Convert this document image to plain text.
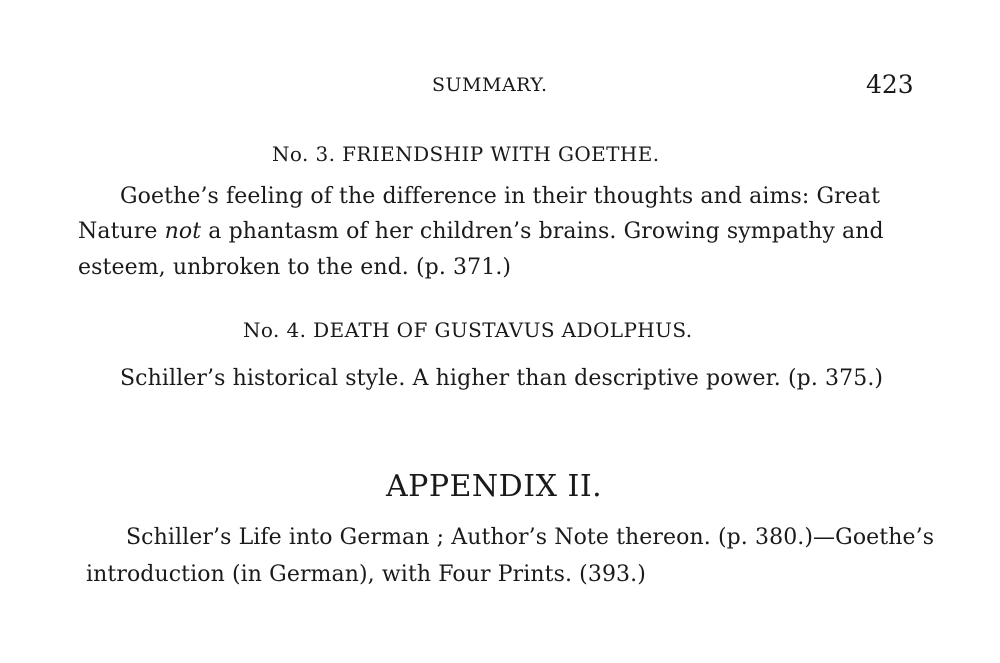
SUMMARY.	423
No. 3. FRIENDSHIP WITH GOETHE.
Goethe’s feeling of the difference in their thoughts and aims: Great
Nature not a phantasm of her children’s brains. Growing sympathy and
esteem, unbroken to the end. (p. 371.)
No. 4. DEATH OF GUSTAVUS ADOLPHUS.
Schiller’s historical style. A higher than descriptive power. (p. 375.)
APPENDIX II.
Schiller’s Life into German ; Author’s Note thereon. (p. 380.)—Goethe’s
introduction (in German), with Four Prints. (393.)
